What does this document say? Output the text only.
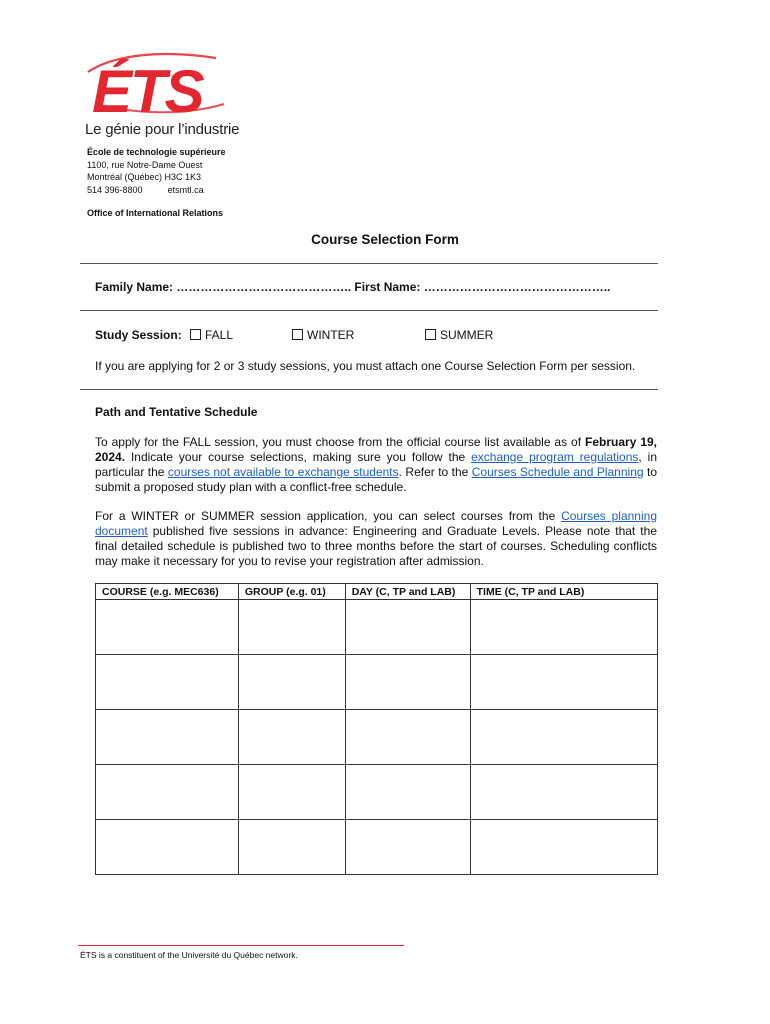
ÉTS
Le génie pour l’industrie
École de technologie supérieure
1100, rue Notre-Dame Ouest
Montréal (Québec) H3C 1K3
514 396-8800	etsmtl.ca
Office of International Relations
Course Selection Form
Family Name: …………………………………….. First Name: ………………………………………..
Study Session:	FALL	WINTER	SUMMER
If you are applying for 2 or 3 study sessions, you must attach one Course Selection Form per session.
Path and Tentative Schedule
To apply for the FALL session, you must choose from the official course list available as of February 19, 2024. Indicate your course selections, making sure you follow the exchange program regulations, in particular the courses not available to exchange students. Refer to the Courses Schedule and Planning to submit a proposed study plan with a conflict-free schedule.
For a WINTER or SUMMER session application, you can select courses from the Courses planning document published five sessions in advance: Engineering and Graduate Levels. Please note that the final detailed schedule is published two to three months before the start of courses. Scheduling conflicts may make it necessary for you to revise your registration after admission.
COURSE (e.g. MEC636)	GROUP (e.g. 01)	DAY (C, TP and LAB)	TIME (C, TP and LAB)

ÉTS is a constituent of the Université du Québec network.
